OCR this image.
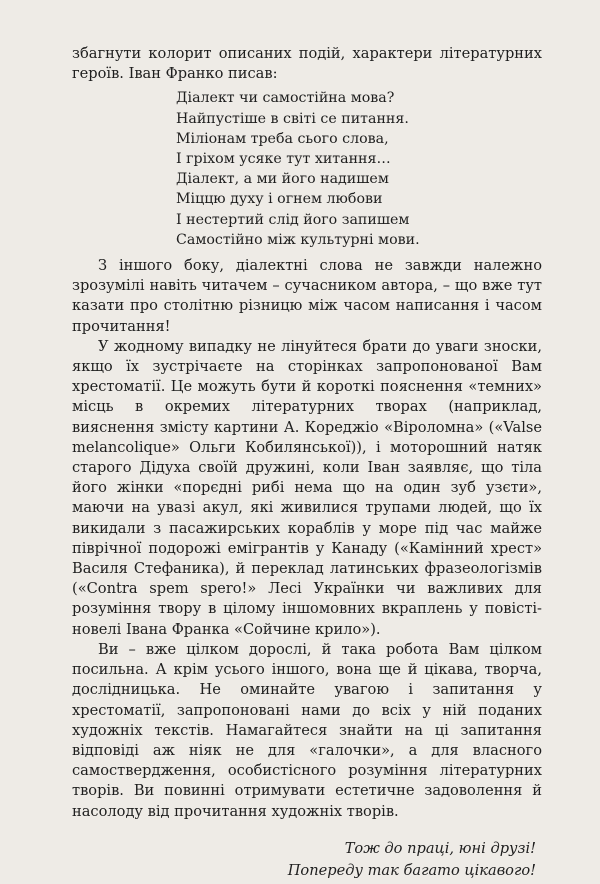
збагнути колорит описаних подій, характери літературних героїв. Іван Франко писав:

Діалект чи самостійна мова?
Найпустіше в світі се питання.
Міліонам треба сього слова,
І гріхом усяке тут хитання…
Діалект, а ми його надишем
Міццю духу і огнем любови
І нестертий слід його запишем
Самостійно між культурні мови.

З іншого боку, діалектні слова не завжди належно зрозумілі навіть читачем – сучасником автора, – що вже тут казати про столітню різницю між часом написання і часом прочитання!

У жодному випадку не лінуйтеся брати до уваги зноски, якщо їх зустрічаєте на сторінках запропонованої Вам хрестоматії. Це можуть бути й короткі пояснення «темних» місць в окремих літературних творах (наприклад, вияснення змісту картини А. Кореджіо «Віроломна» («Valse melancolique» Ольги Кобилянської)), і моторошний натяк старого Дідуха своїй дружині, коли Іван заявляє, що тіла його жінки «порєдні рибі нема що на один зуб узєти», маючи на увазі акул, які живилися трупами людей, що їх викидали з пасажирських кораблів у море під час майже піврічної подорожі емігрантів у Канаду («Камінний хрест» Василя Стефаника), й переклад латинських фразеологізмів («Contra spem spero!» Лесі Українки чи важливих для розуміння твору в цілому іншомовних вкраплень у повісті-новелі Івана Франка «Сойчине крило»).

Ви – вже цілком дорослі, й така робота Вам цілком посильна. А крім усього іншого, вона ще й цікава, творча, дослідницька. Не оминайте увагою і запитання у хрестоматії, запропоновані нами до всіх у ній поданих художніх текстів. Намагайтеся знайти на ці запитання відповіді аж ніяк не для «галочки», а для власного самоствердження, особистісного розуміння літературних творів. Ви повинні отримувати естетичне задоволення й насолоду від прочитання художніх творів.

Тож до праці, юні друзі!
Попереду так багато цікавого!
